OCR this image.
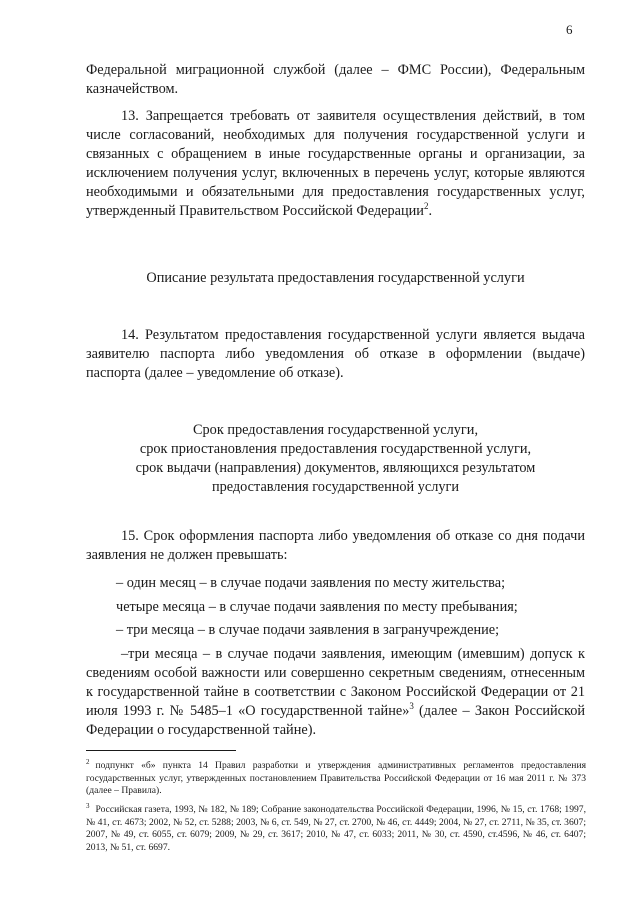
6

Федеральной миграционной службой (далее – ФМС России), Федеральным казначейством.

13. Запрещается требовать от заявителя осуществления действий, в том числе согласований, необходимых для получения государственной услуги и связанных с обращением в иные государственные органы и организации, за исключением получения услуг, включенных в перечень услуг, которые являются необходимыми и обязательными для предоставления государственных услуг, утвержденный Правительством Российской Федерации$^2$.

Описание результата предоставления государственной услуги

14. Результатом предоставления государственной услуги является выдача заявителю паспорта либо уведомления об отказе в оформлении (выдаче) паспорта (далее – уведомление об отказе).

Срок предоставления государственной услуги,
срок приостановления предоставления государственной услуги,
срок выдачи (направления) документов, являющихся результатом
предоставления государственной услуги

15. Срок оформления паспорта либо уведомления об отказе со дня подачи заявления не должен превышать:

– один месяц – в случае подачи заявления по месту жительства;

четыре месяца – в случае подачи заявления по месту пребывания;

– три месяца – в случае подачи заявления в загранучреждение;

–три месяца – в случае подачи заявления, имеющим (имевшим) допуск к сведениям особой важности или совершенно секретным сведениям, отнесенным к государственной тайне в соответствии с Законом Российской Федерации от 21 июля 1993 г. № 5485–1 «О государственной тайне»$^3$ (далее – Закон Российской Федерации о государственной тайне).

$^2$ подпункт «б» пункта 14 Правил разработки и утверждения административных регламентов предоставления государственных услуг, утвержденных постановлением Правительства Российской Федерации от 16 мая 2011 г. № 373 (далее – Правила).

$^3$ Российская газета, 1993, № 182, № 189; Собрание законодательства Российской Федерации, 1996, № 15, ст. 1768; 1997, № 41, ст. 4673; 2002, № 52, ст. 5288; 2003, № 6, ст. 549, № 27, ст. 2700, № 46, ст. 4449; 2004, № 27, ст. 2711, № 35, ст. 3607; 2007, № 49, ст. 6055, ст. 6079; 2009, № 29, ст. 3617; 2010, № 47, ст. 6033; 2011, № 30, ст. 4590, ст.4596, № 46, ст. 6407; 2013, № 51, ст. 6697.
